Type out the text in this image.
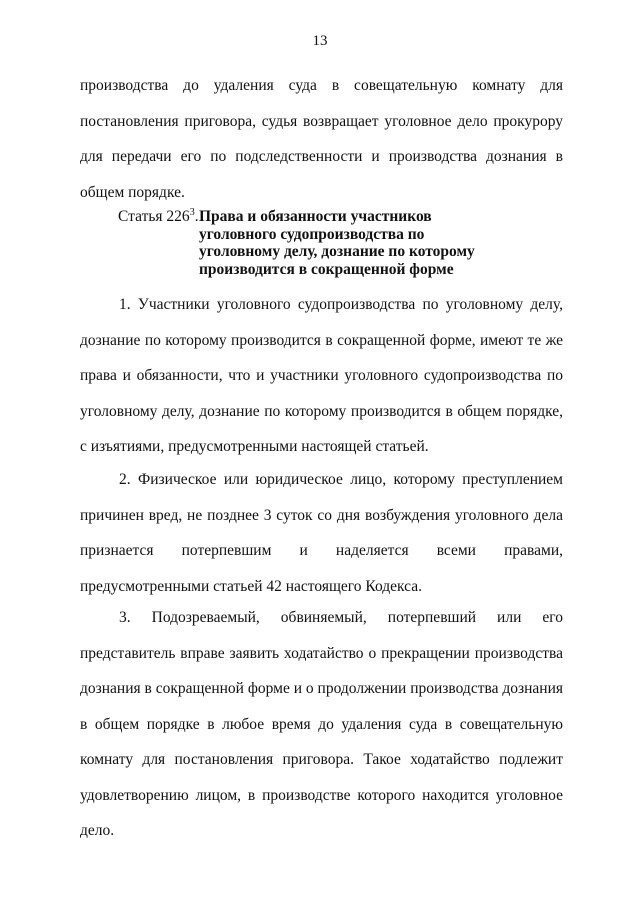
13
производства до удаления суда в совещательную комнату для постановления приговора, судья возвращает уголовное дело прокурору для передачи его по подследственности и производства дознания в общем порядке.
Статья $226^3$. Права и обязанности участников уголовного судопроизводства по уголовному делу, дознание по которому производится в сокращенной форме
1. Участники уголовного судопроизводства по уголовному делу, дознание по которому производится в сокращенной форме, имеют те же права и обязанности, что и участники уголовного судопроизводства по уголовному делу, дознание по которому производится в общем порядке, с изъятиями, предусмотренными настоящей статьей.
2. Физическое или юридическое лицо, которому преступлением причинен вред, не позднее 3 суток со дня возбуждения уголовного дела признается потерпевшим и наделяется всеми правами, предусмотренными статьей 42 настоящего Кодекса.
3. Подозреваемый, обвиняемый, потерпевший или его представитель вправе заявить ходатайство о прекращении производства дознания в сокращенной форме и о продолжении производства дознания в общем порядке в любое время до удаления суда в совещательную комнату для постановления приговора. Такое ходатайство подлежит удовлетворению лицом, в производстве которого находится уголовное дело.
